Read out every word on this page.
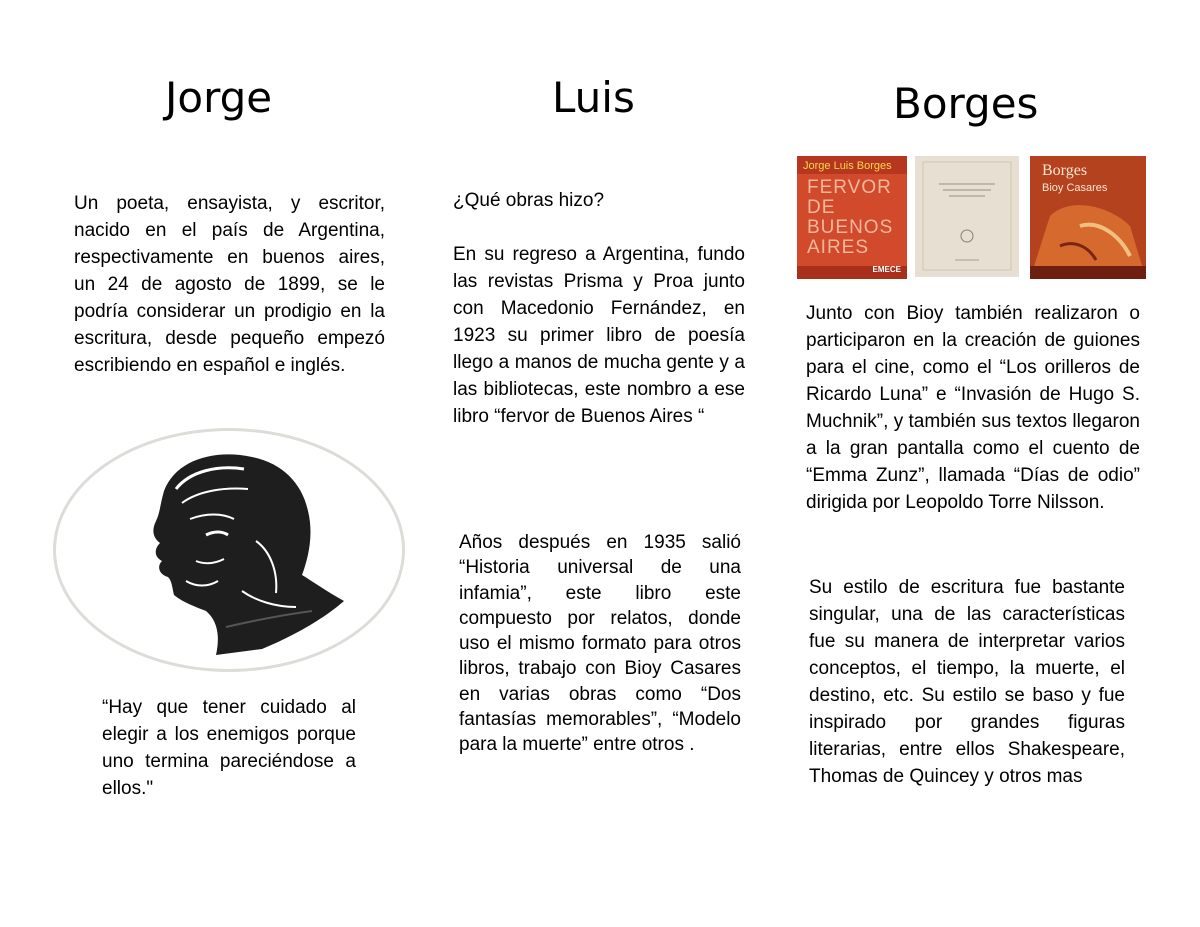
Jorge	Luis	Borges
Un poeta, ensayista, y escritor, nacido en el país de Argentina, respectivamente en buenos aires, un 24 de agosto de 1899, se le podría considerar un prodigio en la escritura, desde pequeño empezó escribiendo en español e inglés.
“Hay que tener cuidado al elegir a los enemigos porque uno termina pareciéndose a ellos."
¿Qué obras hizo?
En su regreso a Argentina, fundo las revistas Prisma y Proa junto con Macedonio Fernández, en 1923 su primer libro de poesía llego a manos de mucha gente y a las bibliotecas, este nombro a ese libro “fervor de Buenos Aires “
Años después en 1935 salió “Historia universal de una infamia”, este libro este compuesto por relatos, donde uso el mismo formato para otros libros, trabajo con Bioy Casares en varias obras como “Dos fantasías memorables”, “Modelo para la muerte” entre otros .
Jorge Luis Borges
FERVOR DE BUENOS AIRES
EMECE
Borges
Bioy Casares
Junto con Bioy también realizaron o participaron en la creación de guiones para el cine, como el “Los orilleros de Ricardo Luna” e “Invasión de Hugo S. Muchnik”, y también sus textos llegaron a la gran pantalla como el cuento de “Emma Zunz”, llamada “Días de odio” dirigida por Leopoldo Torre Nilsson.
Su estilo de escritura fue bastante singular, una de las características fue su manera de interpretar varios conceptos, el tiempo, la muerte, el destino, etc. Su estilo se baso y fue inspirado por grandes figuras literarias, entre ellos Shakespeare, Thomas de Quincey y otros mas
